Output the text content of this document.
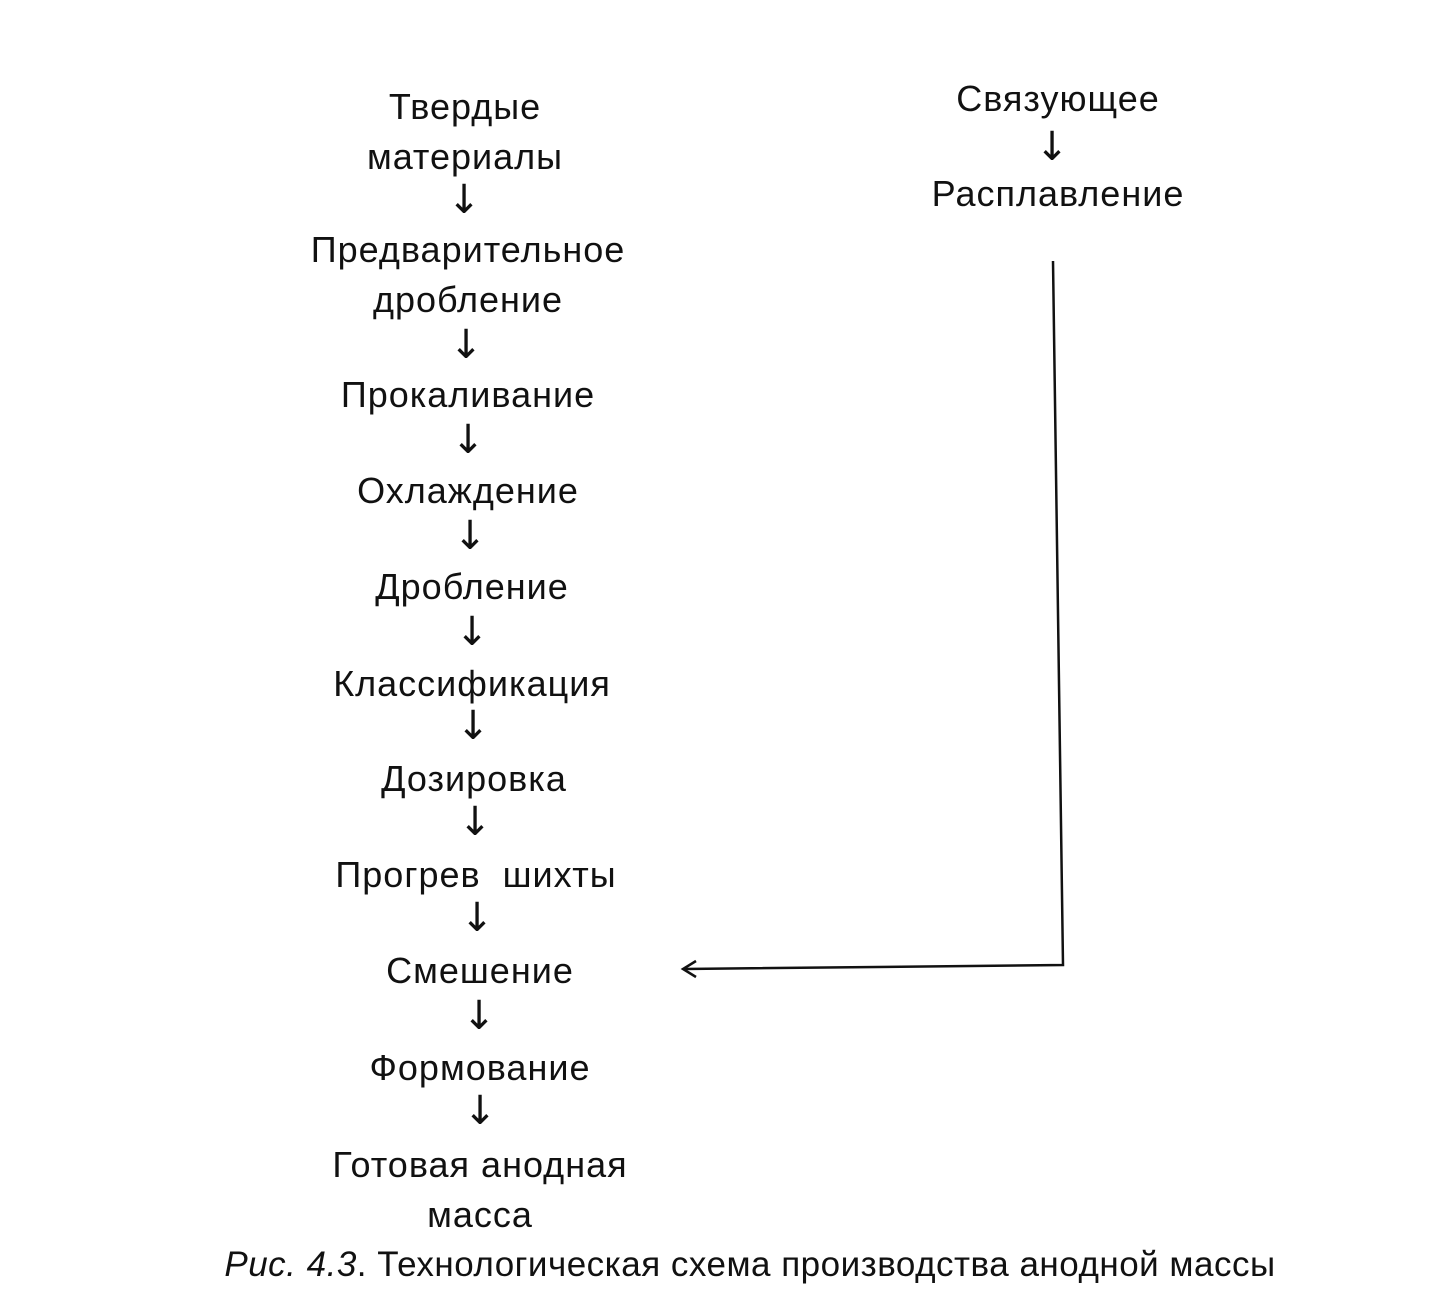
Твердые
материалы
↓
Предварительное
дробление
↓
Прокаливание
↓
Охлаждение
↓
Дробление
↓
Классификация
↓
Дозировка
↓
Прогрев  шихты
↓
Смешение
↓
Формование
↓
Готовая анодная
масса
Связующее
↓
Расплавление
Рис. 4.3. Технологическая схема производства анодной массы
